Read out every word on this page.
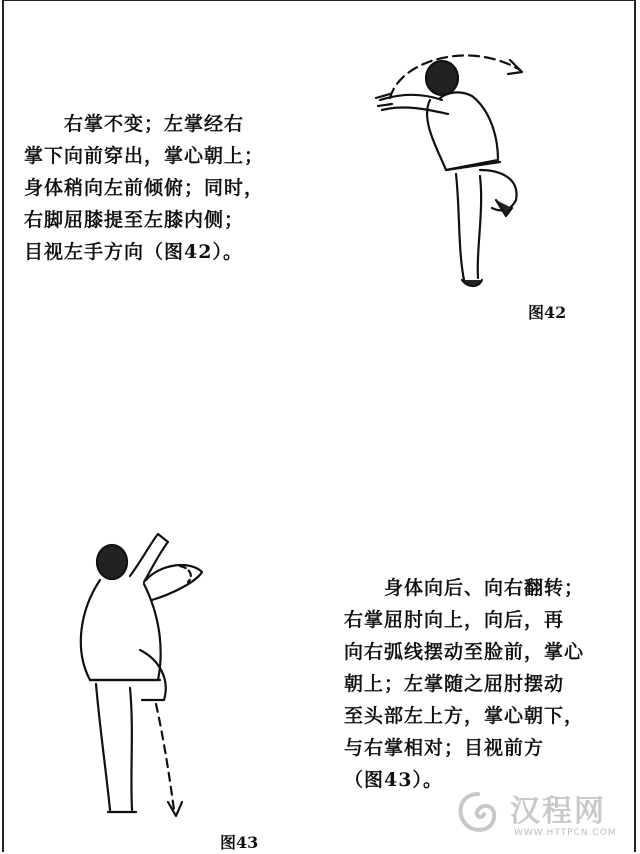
　　右掌不变；左掌经右
掌下向前穿出，掌心朝上；
身体稍向左前倾俯；同时，
右脚屈膝提至左膝内侧；
目视左手方向（图42）。
图42
图43
　　身体向后、向右翻转；
右掌屈肘向上，向后，再
向右弧线摆动至脸前，掌心
朝上；左掌随之屈肘摆动
至头部左上方，掌心朝下，
与右掌相对；目视前方
（图43）。
汉程网
WWW.HTTPCN.COM
